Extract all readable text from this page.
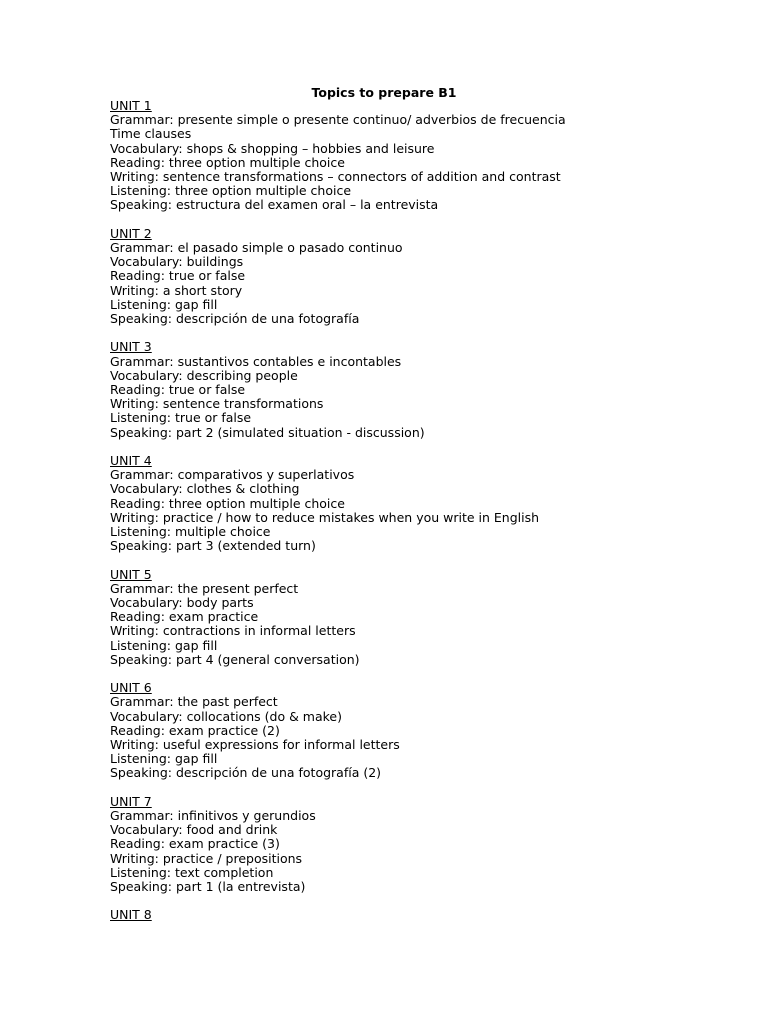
Topics to prepare B1
UNIT 1
Grammar: presente simple o presente continuo/ adverbios de frecuencia
Time clauses
Vocabulary: shops & shopping – hobbies and leisure
Reading: three option multiple choice
Writing: sentence transformations – connectors of addition and contrast
Listening: three option multiple choice
Speaking: estructura del examen oral – la entrevista
UNIT 2
Grammar: el pasado simple o pasado continuo
Vocabulary: buildings
Reading: true or false
Writing: a short story
Listening: gap fill
Speaking: descripción de una fotografía
UNIT 3
Grammar: sustantivos contables e incontables
Vocabulary: describing people
Reading: true or false
Writing: sentence transformations
Listening: true or false
Speaking: part 2 (simulated situation - discussion)
UNIT 4
Grammar: comparativos y superlativos
Vocabulary: clothes & clothing
Reading: three option multiple choice
Writing: practice / how to reduce mistakes when you write in English
Listening: multiple choice
Speaking: part 3 (extended turn)
UNIT 5
Grammar: the present perfect
Vocabulary: body parts
Reading: exam practice
Writing: contractions in informal letters
Listening: gap fill
Speaking: part 4 (general conversation)
UNIT 6
Grammar: the past perfect
Vocabulary: collocations (do & make)
Reading: exam practice (2)
Writing: useful expressions for informal letters
Listening: gap fill
Speaking: descripción de una fotografía (2)
UNIT 7
Grammar: infinitivos y gerundios
Vocabulary: food and drink
Reading: exam practice (3)
Writing: practice / prepositions
Listening: text completion
Speaking: part 1 (la entrevista)
UNIT 8
